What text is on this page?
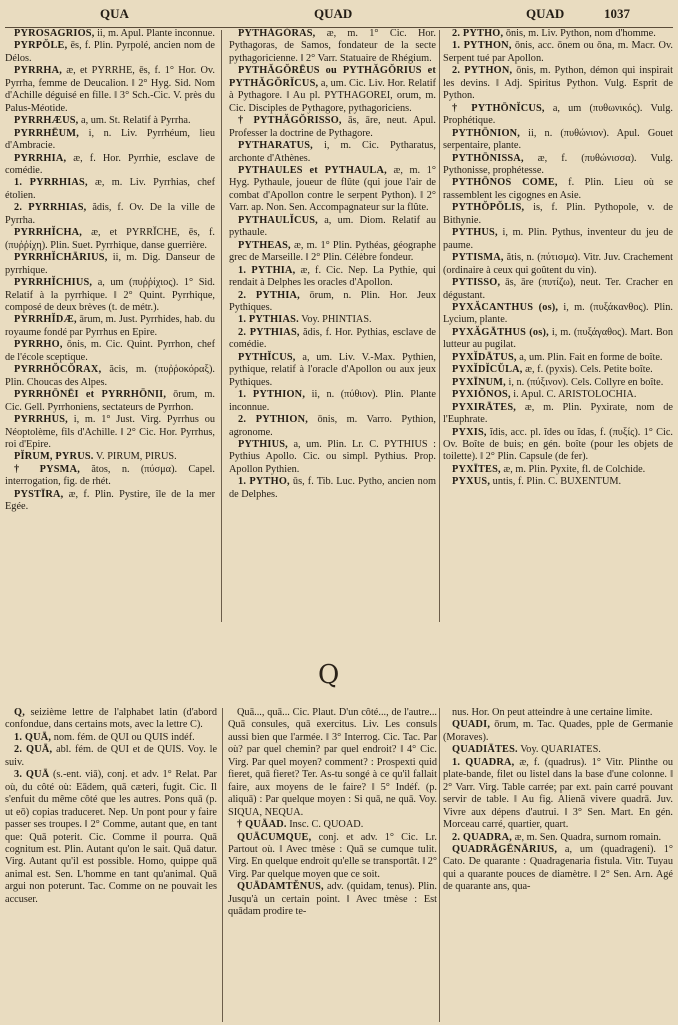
QUA	QUAD	QUAD	1037

PYROSAGRIOS, ii, m. Apul. Plante inconnue.

PYRPŎLE, ēs, f. Plin. Pyrpolé, ancien nom de Délos.

PYRRHA, æ, et PYRRHE, ēs, f. 1° Hor. Ov. Pyrrha, femme de Deucalion. ‖ 2° Hyg. Sid. Nom d'Achille déguisé en fille. ‖ 3° Sch.-Cic. V. près du Palus-Méotide.

PYRRHÆUS, a, um. St. Relatif à Pyrrha.

PYRRHĒUM, i, n. Liv. Pyrrhéum, lieu d'Ambracie.

PYRRHIA, æ, f. Hor. Pyrrhie, esclave de comédie.

1. PYRRHIAS, æ, m. Liv. Pyrrhias, chef étolien.

2. PYRRHIAS, ădis, f. Ov. De la ville de Pyrrha.

PYRRHĬCHA, æ, et PYRRĬCHE, ēs, f. (πυῤῥίχη). Plin. Suet. Pyrrhique, danse guerrière.

PYRRHĬCHĀRIUS, ii, m. Dig. Danseur de pyrrhique.

PYRRHĬCHIUS, a, um (πυῤῥίχιος). 1° Sid. Relatif à la pyrrhique. ‖ 2° Quint. Pyrrhique, composé de deux brèves (t. de métr.).

PYRRHĬDÆ, ārum, m. Just. Pyrrhides, hab. du royaume fondé par Pyrrhus en Epire.

PYRRHO, ōnis, m. Cic. Quint. Pyrrhon, chef de l'école sceptique.

PYRRHŎCŎRAX, ăcis, m. (πυῤῥοκόραξ). Plin. Choucas des Alpes.

PYRRHŌNĒI et PYRRHŌNII, ōrum, m. Cic. Gell. Pyrrhoniens, sectateurs de Pyrrhon.

PYRRHUS, i, m. 1° Just. Virg. Pyrrhus ou Néoptolème, fils d'Achille. ‖ 2° Cic. Hor. Pyrrhus, roi d'Epire.

PĬRUM, PYRUS. V. PIRUM, PIRUS.

† PYSMA, ătos, n. (πύσμα). Capel. interrogation, fig. de rhét.

PYSTĪRA, æ, f. Plin. Pystire, île de la mer Egée.

PYTHĂGŎRAS, æ, m. 1° Cic. Hor. Pythagoras, de Samos, fondateur de la secte pythagoricienne. ‖ 2° Varr. Statuaire de Rhégium.

PYTHĂGŎRĒUS ou PYTHĂGŎRIUS et PYTHĂGŎRĬCUS, a, um. Cic. Liv. Hor. Relatif à Pythagore. ‖ Au pl. PYTHAGOREI, orum, m. Cic. Disciples de Pythagore, pythagoriciens.

† PYTHĂGŎRISSO, ās, āre, neut. Apul. Professer la doctrine de Pythagore.

PYTHARATUS, i, m. Cic. Pytharatus, archonte d'Athènes.

PYTHAULES et PYTHAULA, æ, m. 1° Hyg. Pythaule, joueur de flûte (qui joue l'air de combat d'Apollon contre le serpent Python). ‖ 2° Varr. ap. Non. Sen. Accompagnateur sur la flûte.

PYTHAULĬCUS, a, um. Diom. Relatif au pythaule.

PYTHEAS, æ, m. 1° Plin. Pythéas, géographe grec de Marseille. ‖ 2° Plin. Célèbre fondeur.

1. PYTHIA, æ, f. Cic. Nep. La Pythie, qui rendait à Delphes les oracles d'Apollon.

2. PYTHIA, ōrum, n. Plin. Hor. Jeux Pythiques.

1. PYTHIAS. Voy. PHINTIAS.

2. PYTHIAS, ădis, f. Hor. Pythias, esclave de comédie.

PYTHĬCUS, a, um. Liv. V.-Max. Pythien, pythique, relatif à l'oracle d'Apollon ou aux jeux Pythiques.

1. PYTHION, ii, n. (πύθιον). Plin. Plante inconnue.

2. PYTHION, ōnis, m. Varro. Pythion, agronome.

PYTHIUS, a, um. Plin. Lr. C. PYTHIUS : Pythius Apollo. Cic. ou simpl. Pythius. Prop. Apollon Pythien.

1. PYTHO, ūs, f. Tib. Luc. Pytho, ancien nom de Delphes.

2. PYTHO, ōnis, m. Liv. Python, nom d'homme.

1. PYTHON, ōnis, acc. ōnem ou ōna, m. Macr. Ov. Serpent tué par Apollon.

2. PYTHON, ōnis, m. Python, démon qui inspirait les devins. ‖ Adj. Spiritus Python. Vulg. Esprit de Python.

† PYTHŌNĬCUS, a, um (πυθωνικός). Vulg. Prophétique.

PYTHŌNION, ii, n. (πυθώνιον). Apul. Gouet serpentaire, plante.

PYTHŌNISSA, æ, f. (πυθώνισσα). Vulg. Pythonisse, prophétesse.

PYTHŌNOS COME, f. Plin. Lieu où se rassemblent les cigognes en Asie.

PYTHŎPŎLIS, is, f. Plin. Pythopole, v. de Bithynie.

PYTHUS, i, m. Plin. Pythus, inventeur du jeu de paume.

PYTISMA, ătis, n. (πύτισμα). Vitr. Juv. Crachement (ordinaire à ceux qui goûtent du vin).

PYTISSO, ās, āre (πυτίζω), neut. Ter. Cracher en dégustant.

PYXĂCANTHUS (os), i, m. (πυξάκανθος). Plin. Lycium, plante.

PYXĂGĀTHUS (os), i, m. (πυξάγαθος). Mart. Bon lutteur au pugilat.

PYXĬDĀTUS, a, um. Plin. Fait en forme de boîte.

PYXĬDĬCŬLA, æ, f. (pyxis). Cels. Petite boîte.

PYXĪNUM, i, n. (πύξινον). Cels. Collyre en boîte.

PYXIŎNOS, i. Apul. C. ARISTOLOCHIA.

PYXIRĀTES, æ, m. Plin. Pyxirate, nom de l'Euphrate.

PYXIS, ĭdis, acc. pl. ĭdes ou ĭdas, f. (πυξίς). 1° Cic. Ov. Boîte de buis; en gén. boîte (pour les objets de toilette). ‖ 2° Plin. Capsule (de fer).

PYXĪTES, æ, m. Plin. Pyxite, fl. de Colchide.

PYXUS, untis, f. Plin. C. BUXENTUM.

Q

Q, seizième lettre de l'alphabet latin (d'abord confondue, dans certains mots, avec la lettre C).

1. QUĀ, nom. fém. de QUI ou QUIS indéf.

2. QUĀ, abl. fém. de QUI et de QUIS. Voy. le suiv.

3. QUĀ (s.-ent. viā), conj. et adv. 1° Relat. Par où, du côté où: Eādem, quā cæteri, fugit. Cic. Il s'enfuit du même côté que les autres. Pons quā (p. ut eō) copias traduceret. Nep. Un pont pour y faire passer ses troupes. ‖ 2° Comme, autant que, en tant que: Quā poterit. Cic. Comme il pourra. Quā cognitum est. Plin. Autant qu'on le sait. Quā datur. Virg. Autant qu'il est possible. Homo, quippe quā animal est. Sen. L'homme en tant qu'animal. Quā argui non poterunt. Tac. Comme on ne pouvait les accuser.

Quā..., quā... Cic. Plaut. D'un côté..., de l'autre... Quā consules, quā exercitus. Liv. Les consuls aussi bien que l'armée. ‖ 3° Interrog. Cic. Tac. Par où? par quel chemin? par quel endroit? ‖ 4° Cic. Virg. Par quel moyen? comment? : Prospexti quid fieret, quā fieret? Ter. As-tu songé à ce qu'il fallait faire, aux moyens de le faire? ‖ 5° Indéf. (p. aliquā) : Par quelque moyen : Si quā, ne quā. Voy. SIQUA, NEQUA.

† QUĀAD. Insc. C. QUOAD.

QUĀCUMQUE, conj. et adv. 1° Cic. Lr. Partout où. ‖ Avec tmèse : Quā se cumque tulit. Virg. En quelque endroit qu'elle se transportât. ‖ 2° Virg. Par quelque moyen que ce soit.

QUĀDAMTĔNUS, adv. (quidam, tenus). Plin. Jusqu'à un certain point. ‖ Avec tmèse : Est quādam prodire te-

nus. Hor. On peut atteindre à une certaine limite.

QUADI, ōrum, m. Tac. Quades, pple de Germanie (Moraves).

QUADIĀTES. Voy. QUARIATES.

1. QUADRA, æ, f. (quadrus). 1° Vitr. Plinthe ou plate-bande, filet ou listel dans la base d'une colonne. ‖ 2° Varr. Virg. Table carrée; par ext. pain carré pouvant servir de table. ‖ Au fig. Alienā vivere quadrā. Juv. Vivre aux dépens d'autrui. ‖ 3° Sen. Mart. En gén. Morceau carré, quartier, quart.

2. QUADRA, æ, m. Sen. Quadra, surnom romain.

QUADRĀGĒNĀRIUS, a, um (quadrageni). 1° Cato. De quarante : Quadragenaria fistula. Vitr. Tuyau qui a quarante pouces de diamètre. ‖ 2° Sen. Arn. Agé de quarante ans, qua-
